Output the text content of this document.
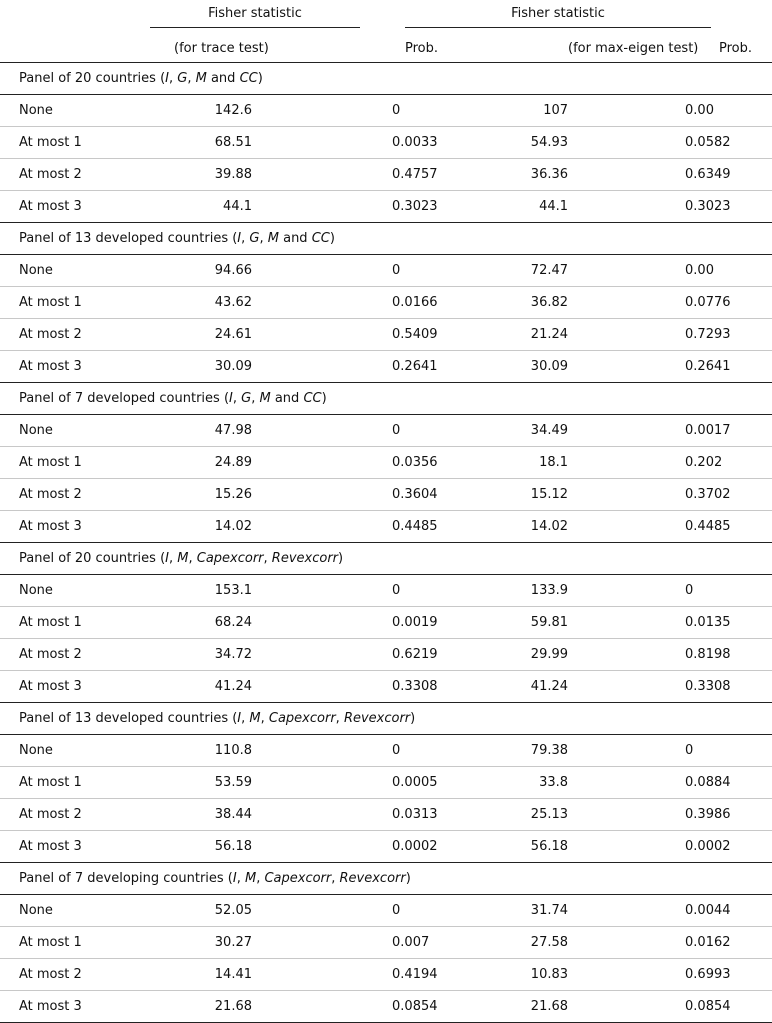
	Fisher statistic				Fisher statistic				

		(for trace test)			Prob.		(for max-eigen test)		Prob.
Panel of 20 countries (I, G, M and CC)									
None		142.6		0		107		0.00	
At most 1		68.51		0.0033		54.93		0.0582	
At most 2		39.88		0.4757		36.36		0.6349	
At most 3		44.1		0.3023		44.1		0.3023	
Panel of 13 developed countries (I, G, M and CC)									
None		94.66		0		72.47		0.00	
At most 1		43.62		0.0166		36.82		0.0776	
At most 2		24.61		0.5409		21.24		0.7293	
At most 3		30.09		0.2641		30.09		0.2641	
Panel of 7 developed countries (I, G, M and CC)									
None		47.98		0		34.49		0.0017	
At most 1		24.89		0.0356		18.1		0.202	
At most 2		15.26		0.3604		15.12		0.3702	
At most 3		14.02		0.4485		14.02		0.4485	
Panel of 20 countries (I, M, Capexcorr, Revexcorr)									
None		153.1		0		133.9		0	
At most 1		68.24		0.0019		59.81		0.0135	
At most 2		34.72		0.6219		29.99		0.8198	
At most 3		41.24		0.3308		41.24		0.3308	
Panel of 13 developed countries (I, M, Capexcorr, Revexcorr)									
None		110.8		0		79.38		0	
At most 1		53.59		0.0005		33.8		0.0884	
At most 2		38.44		0.0313		25.13		0.3986	
At most 3		56.18		0.0002		56.18		0.0002	
Panel of 7 developing countries (I, M, Capexcorr, Revexcorr)									
None		52.05		0		31.74		0.0044	
At most 1		30.27		0.007		27.58		0.0162	
At most 2		14.41		0.4194		10.83		0.6993	
At most 3		21.68		0.0854		21.68		0.0854	
